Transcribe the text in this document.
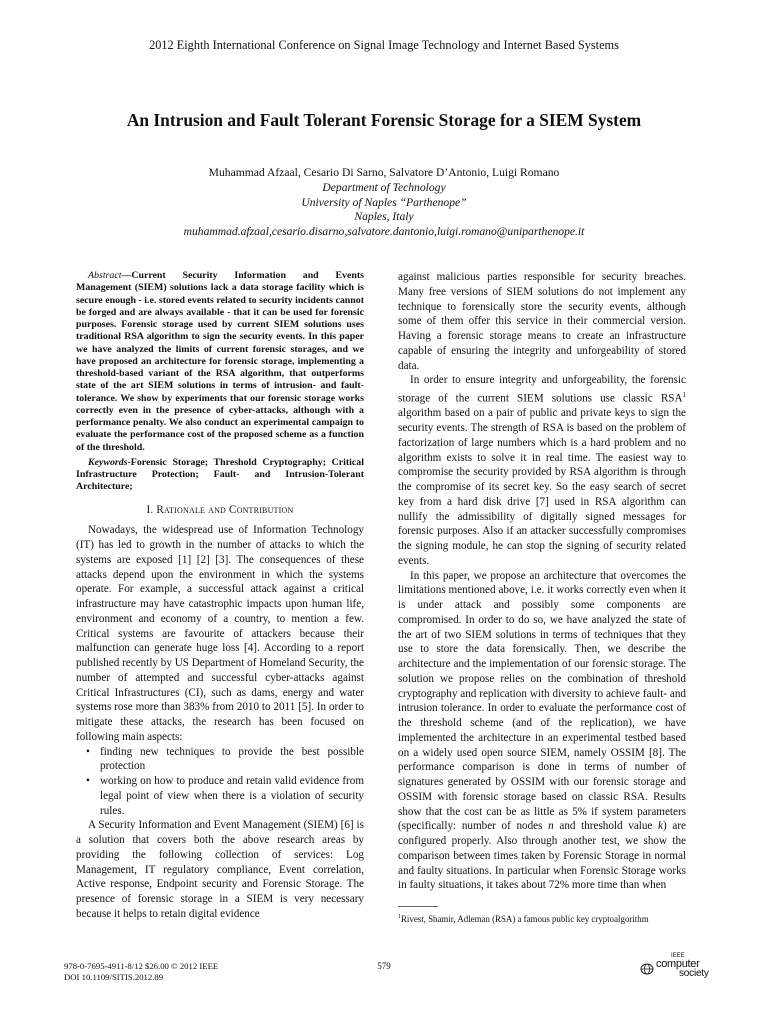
2012 Eighth International Conference on Signal Image Technology and Internet Based Systems
An Intrusion and Fault Tolerant Forensic Storage for a SIEM System
Muhammad Afzaal, Cesario Di Sarno, Salvatore D’Antonio, Luigi Romano
Department of Technology
University of Naples “Parthenope”
Naples, Italy
muhammad.afzaal,cesario.disarno,salvatore.dantonio,luigi.romano@uniparthenope.it

Abstract—Current Security Information and Events Management (SIEM) solutions lack a data storage facility which is secure enough - i.e. stored events related to security incidents cannot be forged and are always available - that it can be used for forensic purposes. Forensic storage used by current SIEM solutions uses traditional RSA algorithm to sign the security events. In this paper we have analyzed the limits of current forensic storages, and we have proposed an architecture for forensic storage, implementing a threshold-based variant of the RSA algorithm, that outperforms state of the art SIEM solutions in terms of intrusion- and fault-tolerance. We show by experiments that our forensic storage works correctly even in the presence of cyber-attacks, although with a performance penalty. We also conduct an experimental campaign to evaluate the performance cost of the proposed scheme as a function of the threshold.

Keywords-Forensic Storage; Threshold Cryptography; Critical Infrastructure Protection; Fault- and Intrusion-Tolerant Architecture;

I. Rationale and Contribution

Nowadays, the widespread use of Information Technology (IT) has led to growth in the number of attacks to which the systems are exposed [1] [2] [3]. The consequences of these attacks depend upon the environment in which the systems operate. For example, a successful attack against a critical infrastructure may have catastrophic impacts upon human life, environment and economy of a country, to mention a few. Critical systems are favourite of attackers because their malfunction can generate huge loss [4]. According to a report published recently by US Department of Homeland Security, the number of attempted and successful cyber-attacks against Critical Infrastructures (CI), such as dams, energy and water systems rose more than 383% from 2010 to 2011 [5]. In order to mitigate these attacks, the research has been focused on following main aspects:

• finding new techniques to provide the best possible protection
• working on how to produce and retain valid evidence from legal point of view when there is a violation of security rules.

A Security Information and Event Management (SIEM) [6] is a solution that covers both the above research areas by providing the following collection of services: Log Management, IT regulatory compliance, Event correlation, Active response, Endpoint security and Forensic Storage. The presence of forensic storage in a SIEM is very necessary because it helps to retain digital evidence

against malicious parties responsible for security breaches. Many free versions of SIEM solutions do not implement any technique to forensically store the security events, although some of them offer this service in their commercial version. Having a forensic storage means to create an infrastructure capable of ensuring the integrity and unforgeability of stored data.

In order to ensure integrity and unforgeability, the forensic storage of the current SIEM solutions use classic RSA$^1$ algorithm based on a pair of public and private keys to sign the security events. The strength of RSA is based on the problem of factorization of large numbers which is a hard problem and no algorithm exists to solve it in real time. The easiest way to compromise the security provided by RSA algorithm is through the compromise of its secret key. So the easy search of secret key from a hard disk drive [7] used in RSA algorithm can nullify the admissibility of digitally signed messages for forensic purposes. Also if an attacker successfully compromises the signing module, he can stop the signing of security related events.

In this paper, we propose an architecture that overcomes the limitations mentioned above, i.e. it works correctly even when it is under attack and possibly some components are compromised. In order to do so, we have analyzed the state of the art of two SIEM solutions in terms of techniques that they use to store the data forensically. Then, we describe the architecture and the implementation of our forensic storage. The solution we propose relies on the combination of threshold cryptography and replication with diversity to achieve fault- and intrusion tolerance. In order to evaluate the performance cost of the threshold scheme (and of the replication), we have implemented the architecture in an experimental testbed based on a widely used open source SIEM, namely OSSIM [8]. The performance comparison is done in terms of number of signatures generated by OSSIM with our forensic storage and OSSIM with forensic storage based on classic RSA. Results show that the cost can be as little as 5% if system parameters (specifically: number of nodes n and threshold value k) are configured properly. Also through another test, we show the comparison between times taken by Forensic Storage in normal and faulty situations. In particular when Forensic Storage works in faulty situations, it takes about 72% more time than when

$^1$Rivest, Shamir, Adleman (RSA) a famous public key cryptoalgorithm
978-0-7695-4911-8/12 $26.00 © 2012 IEEE
DOI 10.1109/SITIS.2012.89
579
IEEE
computer
society
